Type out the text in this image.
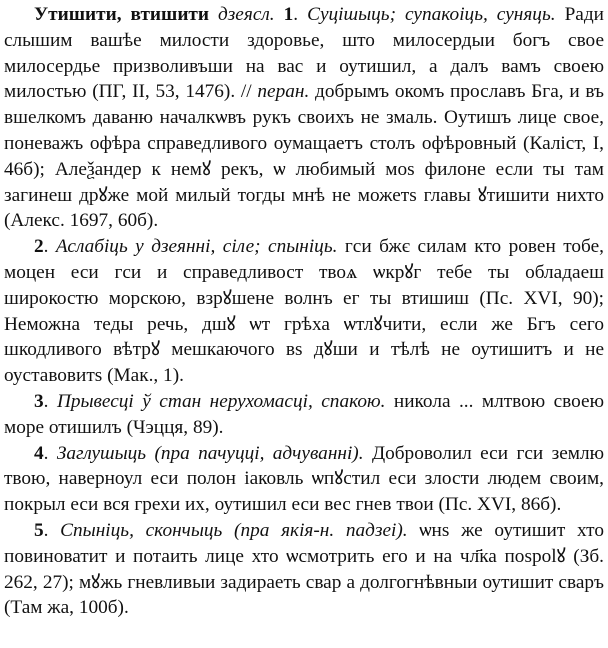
Утишити, втишити дзеясл. 1. Суцішыць; супакоіць, суняць. Ради слышим вашѣе милости здоровье, што милосердыи богъ свое милосердье призволивъши на вас и оутишил, а далъ вамъ своею милостью (ПГ, II, 53, 1476). // перан. добрымъ окомъ прославъ Бга, и въ вшелкомъ даваню началкѡвъ рукъ своихъ не змаль. Оутишъ лице свое, поневажъ офѣра справедливого оумащаетъ столъ офѣровный (Каліст, I, 46б); Алеѯандер к немꙋ рекъ, ѡ любимый моѕ филоне если ты там загинеш дрꙋже мой милый тогды мнѣ не можетѕ главы ꙋтишити нихто (Алекс. 1697, 60б).

2. Аслабіць у дзеянні, сіле; спыніць. гси бжє силам кто ровен тобе, моцен еси гси и справедливост твоѧ ѡкрꙋг тебе ты обладаеш широкостю морскою, взрꙋшене волнъ ег ты втишиш (Пс. XVI, 90); Неможна теды речь, дшꙋ ѡт грѣха ѡтлꙋчити, если же Бгъ сего шкодливого вѣтрꙋ мешкаючого вѕ дꙋши и тѣлѣ не оутишитъ и не оуставовитѕ (Мак., 1).

3. Прывесці ў стан нерухомасці, спакою. никола ... млтвою своею море отишилъ (Чэцця, 89).

4. Заглушыць (пра пачуцці, адчуванні). Доброволил еси гси землю твою, наверноул еси полон іаковль ѡпꙋстил еси злости людем своим, покрыл еси вся грехи их, оутишил еси вес гнев твои (Пс. XVI, 86б).

5. Спыніць, скончыць (пра якія-н. падзеі). ѡнѕ же оутишит хто повиноватит и потаить лице хто ѡсмотрить его и на чл҃ка пospolꙋ (Зб. 262, 27); мꙋжь гневливыи задираеть свар а долгогнѣвныи оутишит сваръ (Там жа, 100б).
